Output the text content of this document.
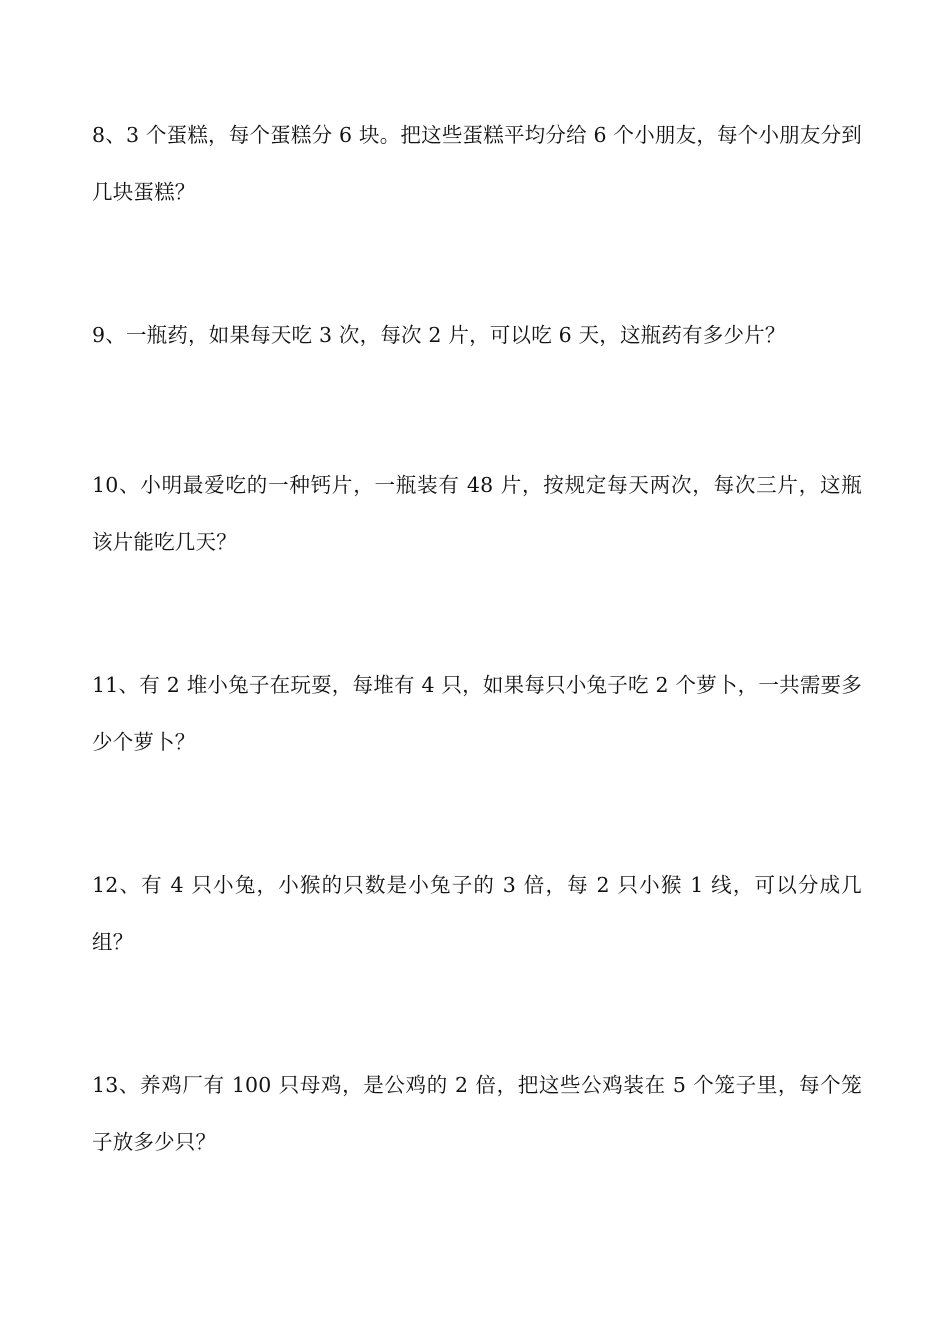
8、3 个蛋糕，每个蛋糕分 6 块。把这些蛋糕平均分给 6 个小朋友，每个小朋友分到几块蛋糕？
9、一瓶药，如果每天吃 3 次，每次 2 片，可以吃 6 天，这瓶药有多少片？
10、小明最爱吃的一种钙片，一瓶装有 48 片，按规定每天两次，每次三片，这瓶该片能吃几天？
11、有 2 堆小兔子在玩耍，每堆有 4 只，如果每只小兔子吃 2 个萝卜，一共需要多少个萝卜？
12、有 4 只小兔，小猴的只数是小兔子的 3 倍，每 2 只小猴 1 线，可以分成几组？
13、养鸡厂有 100 只母鸡，是公鸡的 2 倍，把这些公鸡装在 5 个笼子里，每个笼子放多少只？
